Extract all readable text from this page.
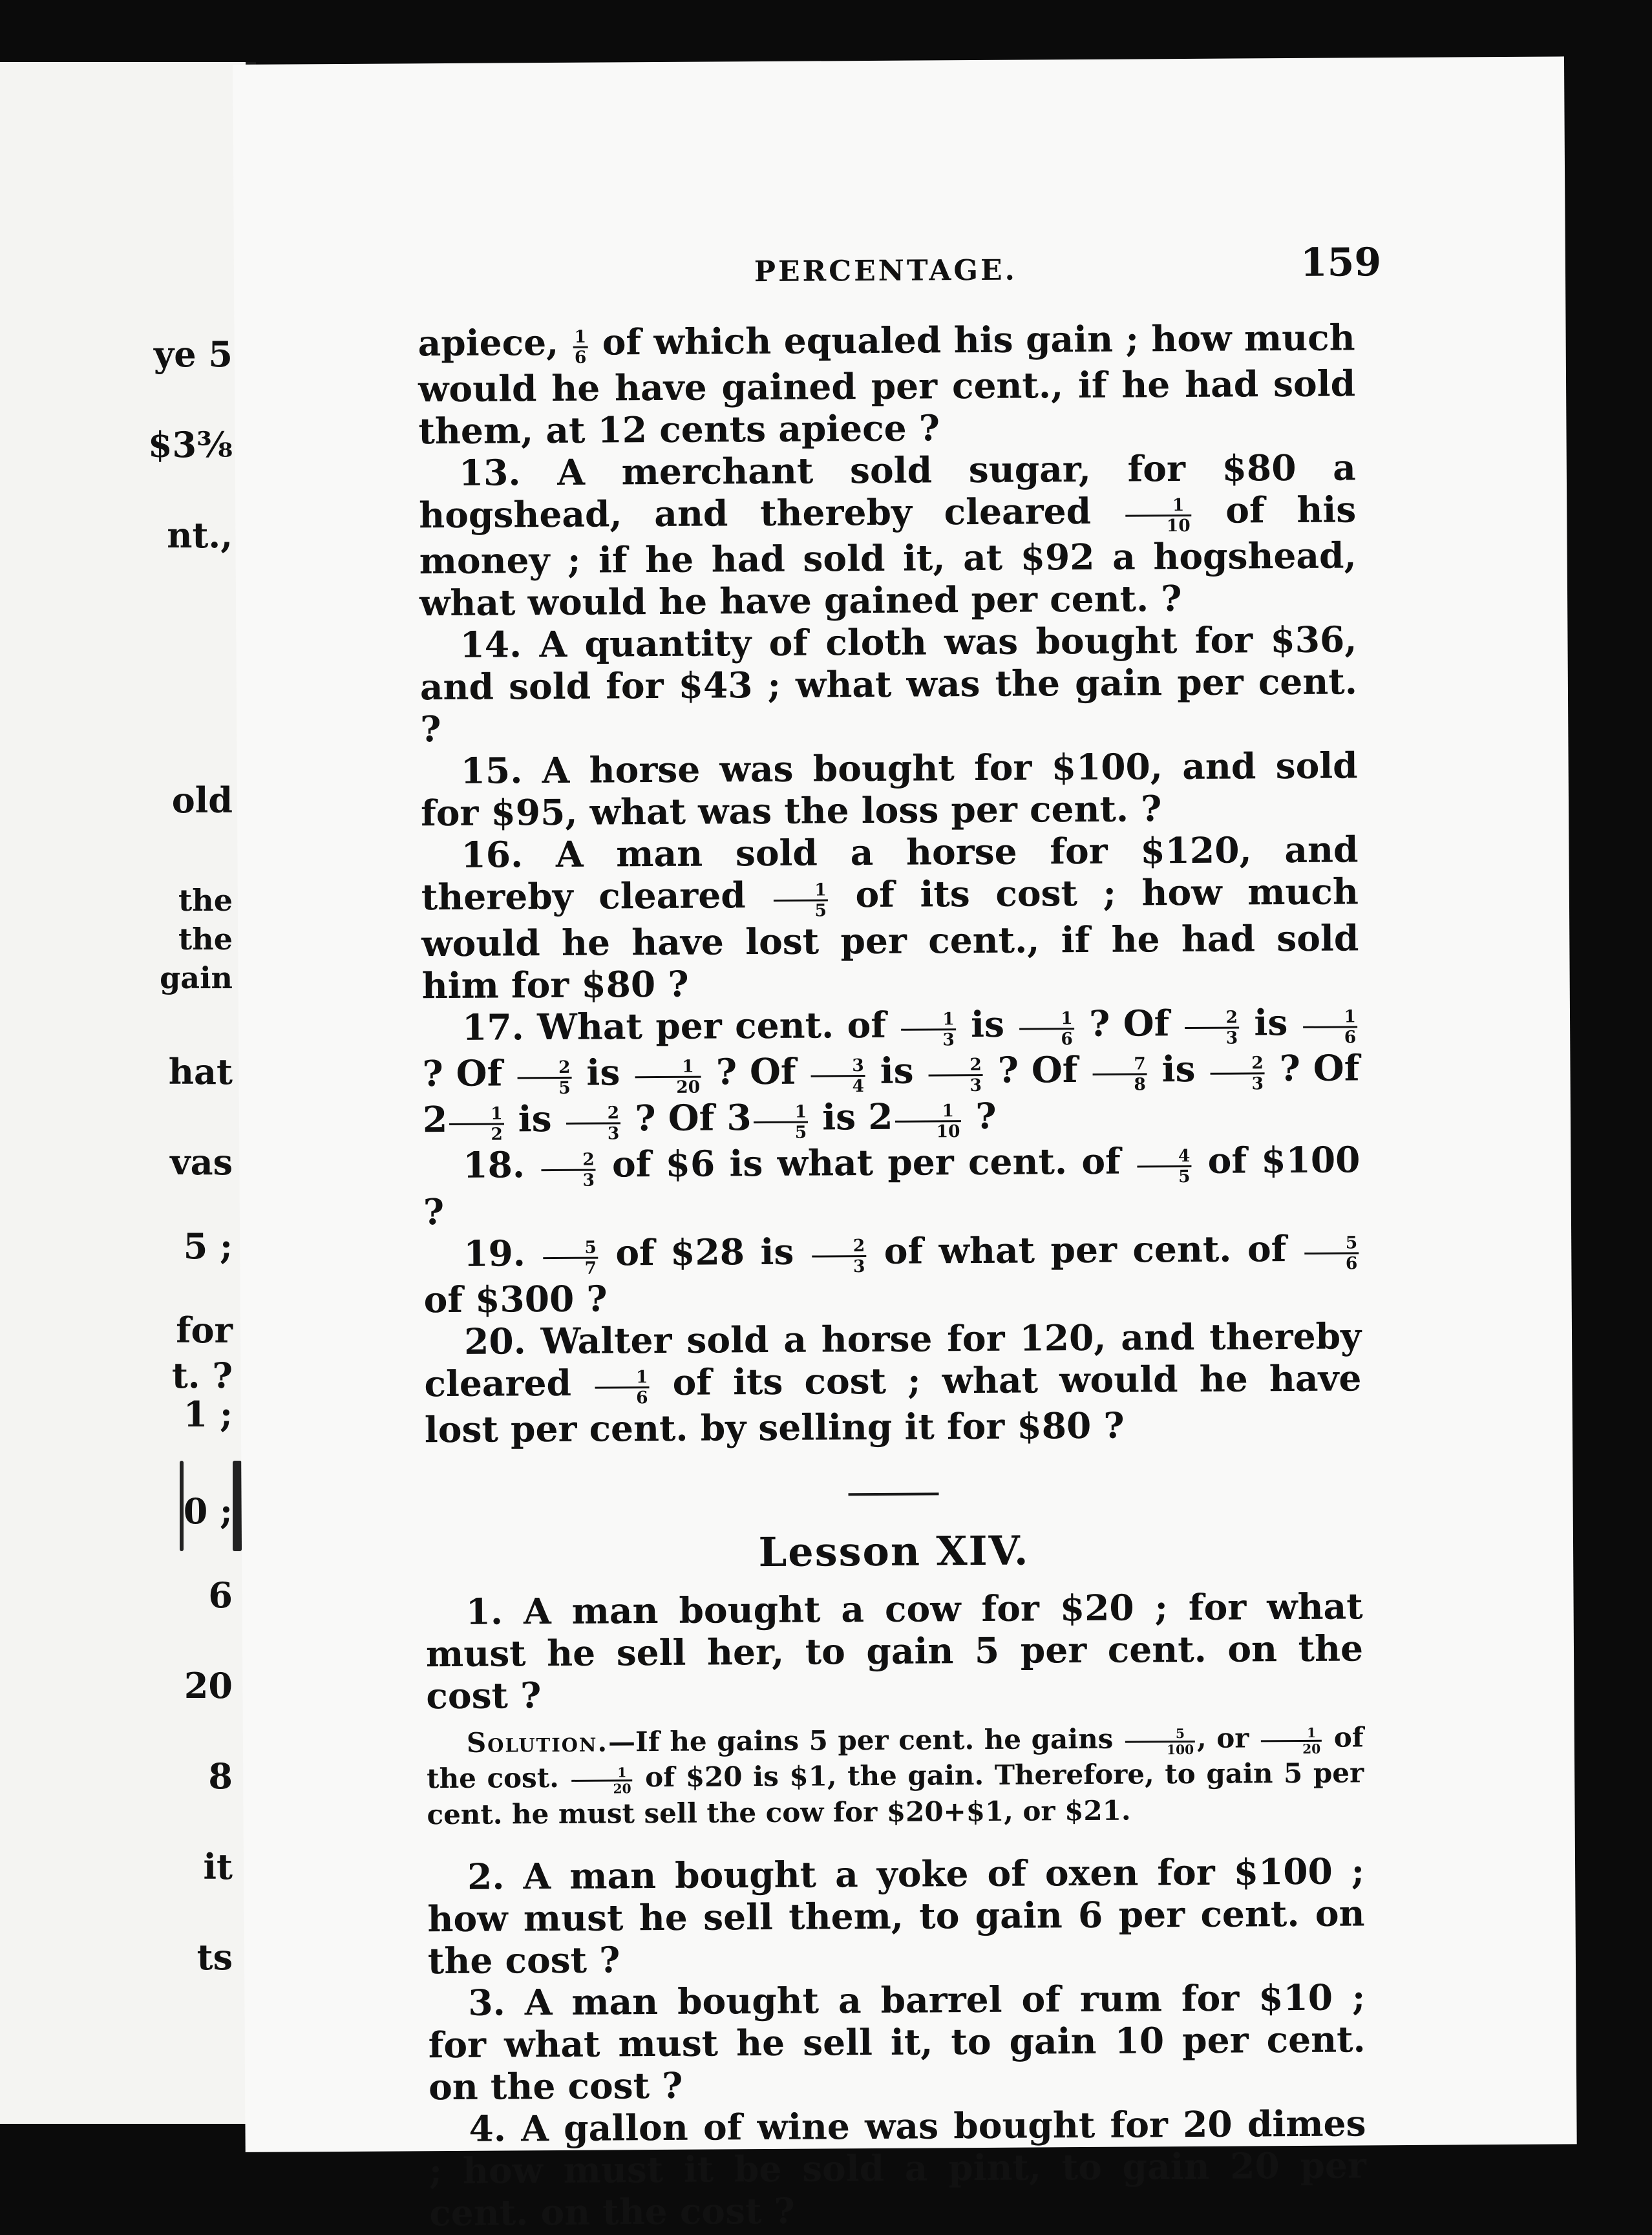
ye 5
$3⅜
nt.,
old
the
the
gain
hat
vas
5 ;
for
t. ?
1 ;
0 ;
6
20
8
it
ts
PERCENTAGE.	159

apiece, $\frac{1}{6}$ of which equaled his gain ; how much would he have gained per cent., if he had sold them, at 12 cents apiece ?

13. A merchant sold sugar, for $80 a hogshead, and thereby cleared $\frac{1}{10}$ of his money ; if he had sold it, at $92 a hogshead, what would he have gained per cent. ?

14. A quantity of cloth was bought for $36, and sold for $43 ; what was the gain per cent. ?

15. A horse was bought for $100, and sold for $95, what was the loss per cent. ?

16. A man sold a horse for $120, and thereby cleared $\frac{1}{5}$ of its cost ; how much would he have lost per cent., if he had sold him for $80 ?

17. What per cent. of $\frac{1}{3}$ is $\frac{1}{6}$ ? Of $\frac{2}{3}$ is $\frac{1}{6}$
? Of $\frac{2}{5}$ is $\frac{1}{20}$ ? Of $\frac{3}{4}$ is $\frac{2}{3}$ ? Of $\frac{7}{8}$ is $\frac{2}{3}$ ? Of $2 \frac{1}{2}$ is $\frac{2}{3}$ ? Of $3 \frac{1}{5}$ is $2 \frac{1}{10}$ ?

18. $\frac{2}{3}$ of $6 is what per cent. of $\frac{4}{5}$ of $100 ?

19. $\frac{5}{7}$ of $28 is $\frac{2}{3}$ of what per cent. of $\frac{5}{6}$
of $300 ?

20. Walter sold a horse for 120, and thereby cleared $\frac{1}{6}$ of its cost ; what would he have lost per cent. by selling it for $80 ?

Lesson XIV.

1. A man bought a cow for $20 ; for what must he sell her, to gain 5 per cent. on the cost ?

Solution.—If he gains 5 per cent. he gains $\frac{5}{100}$ , or $\frac{1}{20}$ of the cost. $\frac{1}{20}$ of $20 is $1, the gain. Therefore, to gain 5 per cent. he must sell the cow for $20+$1, or $21.

2. A man bought a yoke of oxen for $100 ; how must he sell them, to gain 6 per cent. on the cost ?

3. A man bought a barrel of rum for $10 ; for what must he sell it, to gain 10 per cent. on the cost ?

4. A gallon of wine was bought for 20 dimes ; how must it be sold a pint, to gain 20 per cent. on the cost ?
